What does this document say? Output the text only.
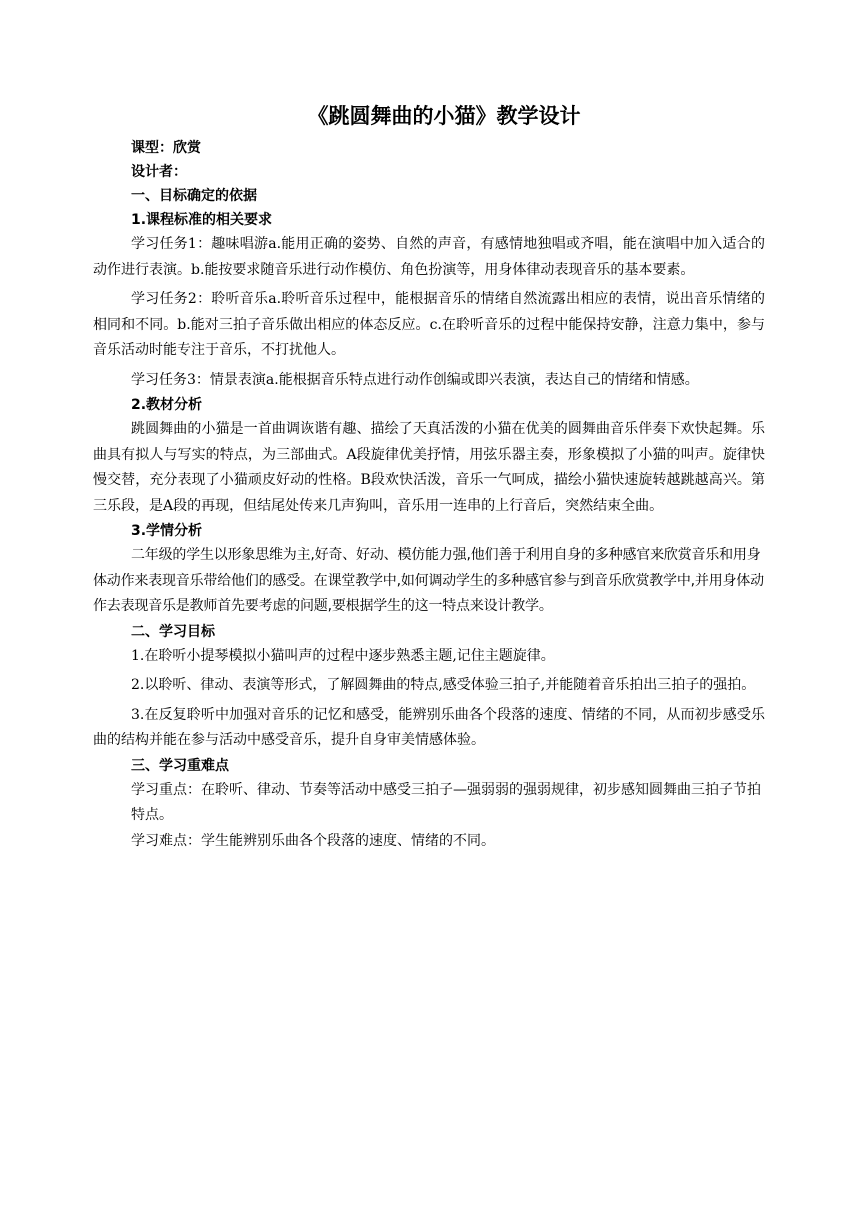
《跳圆舞曲的小猫》教学设计
课型：欣赏
设计者：
一、目标确定的依据
1.课程标准的相关要求

学习任务1：趣味唱游a.能用正确的姿势、自然的声音，有感情地独唱或齐唱，能在演唱中加入适合的动作进行表演。b.能按要求随音乐进行动作模仿、角色扮演等，用身体律动表现音乐的基本要素。

学习任务2：聆听音乐a.聆听音乐过程中，能根据音乐的情绪自然流露出相应的表情，说出音乐情绪的相同和不同。b.能对三拍子音乐做出相应的体态反应。c.在聆听音乐的过程中能保持安静，注意力集中，参与音乐活动时能专注于音乐，不打扰他人。

学习任务3：情景表演a.能根据音乐特点进行动作创编或即兴表演，表达自己的情绪和情感。

2.教材分析

跳圆舞曲的小猫是一首曲调诙谐有趣、描绘了天真活泼的小猫在优美的圆舞曲音乐伴奏下欢快起舞。乐曲具有拟人与写实的特点，为三部曲式。A段旋律优美抒情，用弦乐器主奏，形象模拟了小猫的叫声。旋律快慢交替，充分表现了小猫顽皮好动的性格。B段欢快活泼，音乐一气呵成，描绘小猫快速旋转越跳越高兴。第三乐段，是A段的再现，但结尾处传来几声狗叫，音乐用一连串的上行音后，突然结束全曲。

3.学情分析

二年级的学生以形象思维为主,好奇、好动、模仿能力强,他们善于利用自身的多种感官来欣赏音乐和用身体动作来表现音乐带给他们的感受。在课堂教学中,如何调动学生的多种感官参与到音乐欣赏教学中,并用身体动作去表现音乐是教师首先要考虑的问题,要根据学生的这一特点来设计教学。

二、学习目标

1.在聆听小提琴模拟小猫叫声的过程中逐步熟悉主题,记住主题旋律。

2.以聆听、律动、表演等形式，了解圆舞曲的特点,感受体验三拍子,并能随着音乐拍出三拍子的强拍。

3.在反复聆听中加强对音乐的记忆和感受，能辨别乐曲各个段落的速度、情绪的不同，从而初步感受乐曲的结构并能在参与活动中感受音乐，提升自身审美情感体验。

三、学习重难点

学习重点：在聆听、律动、节奏等活动中感受三拍子—强弱弱的强弱规律，初步感知圆舞曲三拍子节拍特点。

学习难点：学生能辨别乐曲各个段落的速度、情绪的不同。
